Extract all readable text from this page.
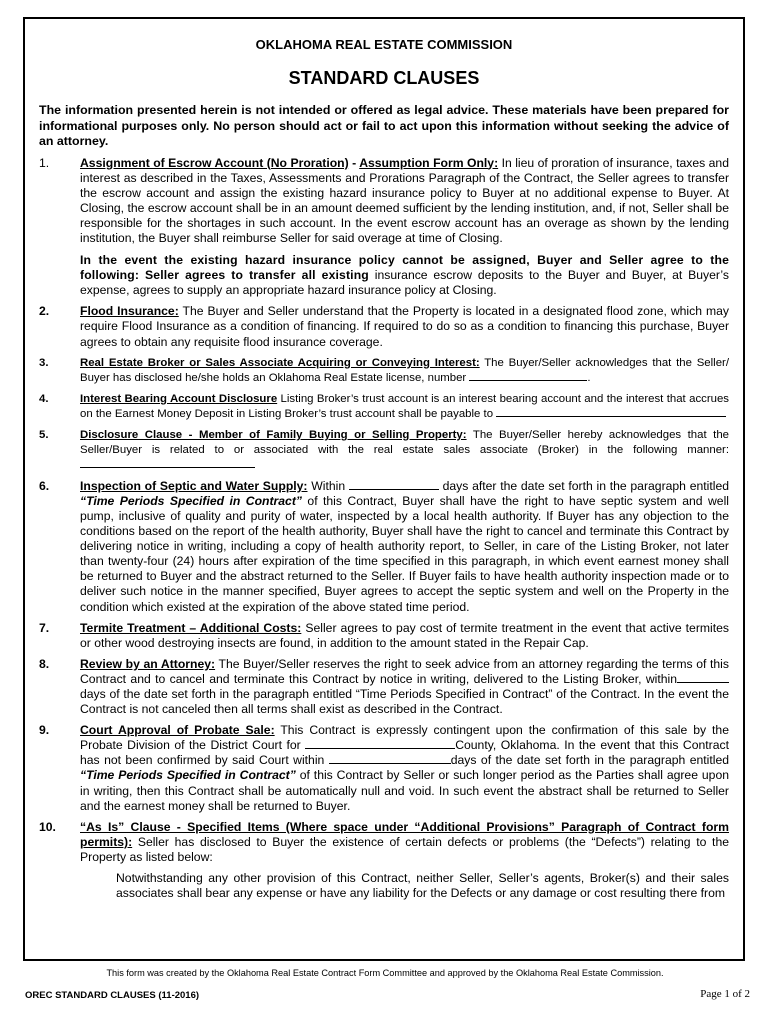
OKLAHOMA REAL ESTATE COMMISSION
STANDARD CLAUSES
The information presented herein is not intended or offered as legal advice. These materials have been prepared for informational purposes only. No person should act or fail to act upon this information without seeking the advice of an attorney.
1.	Assignment of Escrow Account (No Proration) - Assumption Form Only: In lieu of proration of insurance, taxes and interest as described in the Taxes, Assessments and Prorations Paragraph of the Contract, the Seller agrees to transfer the escrow account and assign the existing hazard insurance policy to Buyer at no additional expense to Buyer. At Closing, the escrow account shall be in an amount deemed sufficient by the lending institution, and, if not, Seller shall be responsible for the shortages in such account. In the event escrow account has an overage as shown by the lending institution, the Buyer shall reimburse Seller for said overage at time of Closing.
In the event the existing hazard insurance policy cannot be assigned, Buyer and Seller agree to the following: Seller agrees to transfer all existing insurance escrow deposits to the Buyer and Buyer, at Buyer’s expense, agrees to supply an appropriate hazard insurance policy at Closing.
2.	Flood Insurance: The Buyer and Seller understand that the Property is located in a designated flood zone, which may require Flood Insurance as a condition of financing. If required to do so as a condition to financing this purchase, Buyer agrees to obtain any requisite flood insurance coverage.
3.	Real Estate Broker or Sales Associate Acquiring or Conveying Interest: The Buyer/Seller acknowledges that the Seller/ Buyer has disclosed he/she holds an Oklahoma Real Estate license, number	.
4.	Interest Bearing Account Disclosure Listing Broker’s trust account is an interest bearing account and the interest that accrues on the Earnest Money Deposit in Listing Broker’s trust account shall be payable to
5.	Disclosure Clause - Member of Family Buying or Selling Property: The Buyer/Seller hereby acknowledges that the Seller/Buyer is related to or associated with the real estate sales associate (Broker) in the following manner:
6.	Inspection of Septic and Water Supply: Within	days after the date set forth in the paragraph entitled “Time Periods Specified in Contract” of this Contract, Buyer shall have the right to have septic system and well pump, inclusive of quality and purity of water, inspected by a local health authority. If Buyer has any objection to the conditions based on the report of the health authority, Buyer shall have the right to cancel and terminate this Contract by delivering notice in writing, including a copy of health authority report, to Seller, in care of the Listing Broker, not later than twenty-four (24) hours after expiration of the time specified in this paragraph, in which event earnest money shall be returned to Buyer and the abstract returned to the Seller. If Buyer fails to have health authority inspection made or to deliver such notice in the manner specified, Buyer agrees to accept the septic system and well on the Property in the condition which existed at the expiration of the above stated time period.
7.	Termite Treatment – Additional Costs: Seller agrees to pay cost of termite treatment in the event that active termites or other wood destroying insects are found, in addition to the amount stated in the Repair Cap.
8.	Review by an Attorney: The Buyer/Seller reserves the right to seek advice from an attorney regarding the terms of this Contract and to cancel and terminate this Contract by notice in writing, delivered to the Listing Broker, within days of the date set forth in the paragraph entitled “Time Periods Specified in Contract” of the Contract. In the event the Contract is not canceled then all terms shall exist as described in the Contract.
9.	Court Approval of Probate Sale: This Contract is expressly contingent upon the confirmation of this sale by the Probate Division of the District Court for	County, Oklahoma. In the event that this Contract has not been confirmed by said Court within	days of the date set forth in the paragraph entitled “Time Periods Specified in Contract” of this Contract by Seller or such longer period as the Parties shall agree upon in writing, then this Contract shall be automatically null and void. In such event the abstract shall be returned to Seller and the earnest money shall be returned to Buyer.
10. “As Is” Clause - Specified Items (Where space under “Additional Provisions” Paragraph of Contract form permits): Seller has disclosed to Buyer the existence of certain defects or problems (the “Defects”) relating to the Property as listed below:
Notwithstanding any other provision of this Contract, neither Seller, Seller’s agents, Broker(s) and their sales associates shall bear any expense or have any liability for the Defects or any damage or cost resulting there from
This form was created by the Oklahoma Real Estate Contract Form Committee and approved by the Oklahoma Real Estate Commission.
OREC STANDARD CLAUSES (11-2016)	Page 1 of 2
